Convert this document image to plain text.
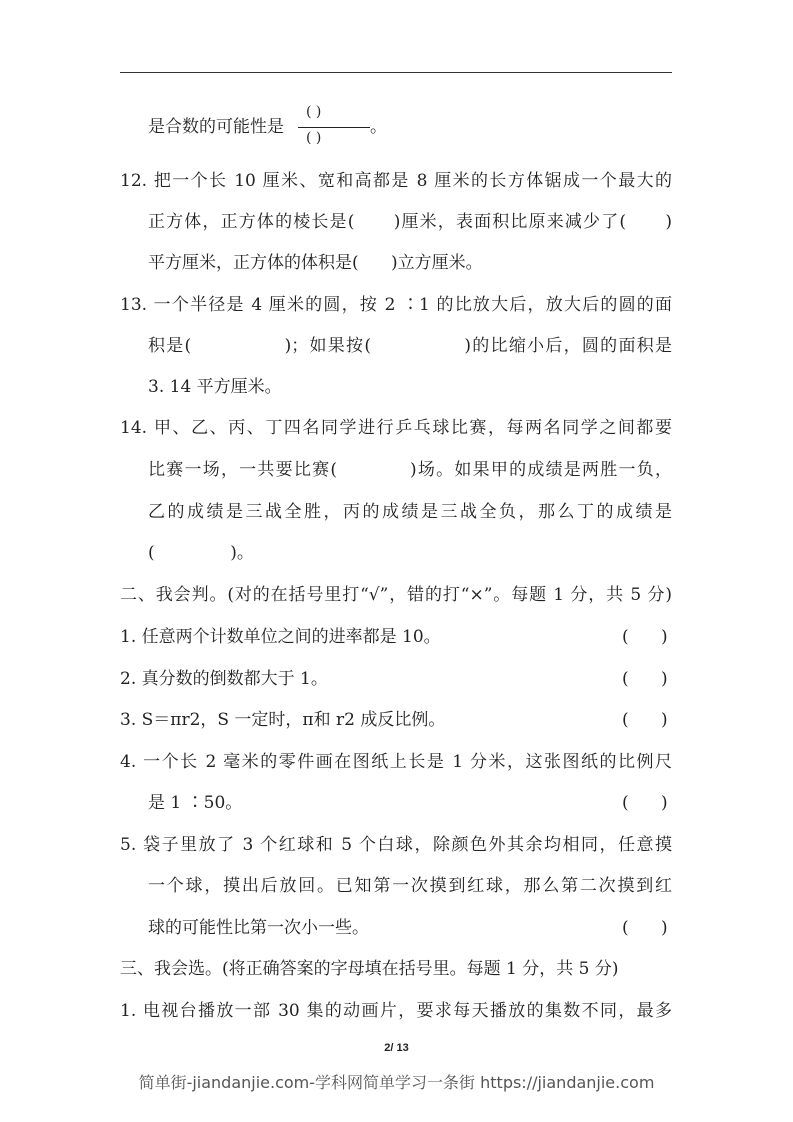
是合数的可能性是
( )
( )
。
12. 把一个长 10 厘米、宽和高都是 8 厘米的长方体锯成一个最大的
正方体，正方体的棱长是(      )厘米，表面积比原来减少了(      )
平方厘米，正方体的体积是(      )立方厘米。
13. 一个半径是 4 厘米的圆，按 2 ∶1 的比放大后，放大后的圆的面
积是(              )；如果按(              )的比缩小后，圆的面积是
3. 14 平方厘米。
14. 甲、乙、丙、丁四名同学进行乒乓球比赛，每两名同学之间都要
比赛一场，一共要比赛(           )场。如果甲的成绩是两胜一负，
乙的成绩是三战全胜，丙的成绩是三战全负，那么丁的成绩是
(              )。
二、我会判。(对的在括号里打“√”，错的打“×”。每题 1 分，共 5 分)
1. 任意两个计数单位之间的进率都是 10。	(      )
2. 真分数的倒数都大于 1。	(      )
3. S＝πr2，S 一定时，π和 r2 成反比例。	(      )
4. 一个长 2 毫米的零件画在图纸上长是 1 分米，这张图纸的比例尺
是 1 ∶50。	(      )
5. 袋子里放了 3 个红球和 5 个白球，除颜色外其余均相同，任意摸
一个球，摸出后放回。已知第一次摸到红球，那么第二次摸到红
球的可能性比第一次小一些。	(      )
三、我会选。(将正确答案的字母填在括号里。每题 1 分，共 5 分)
1. 电视台播放一部 30 集的动画片，要求每天播放的集数不同，最多
2/ 13
简单街-jiandanjie.com-学科网简单学习一条街 https://jiandanjie.com
